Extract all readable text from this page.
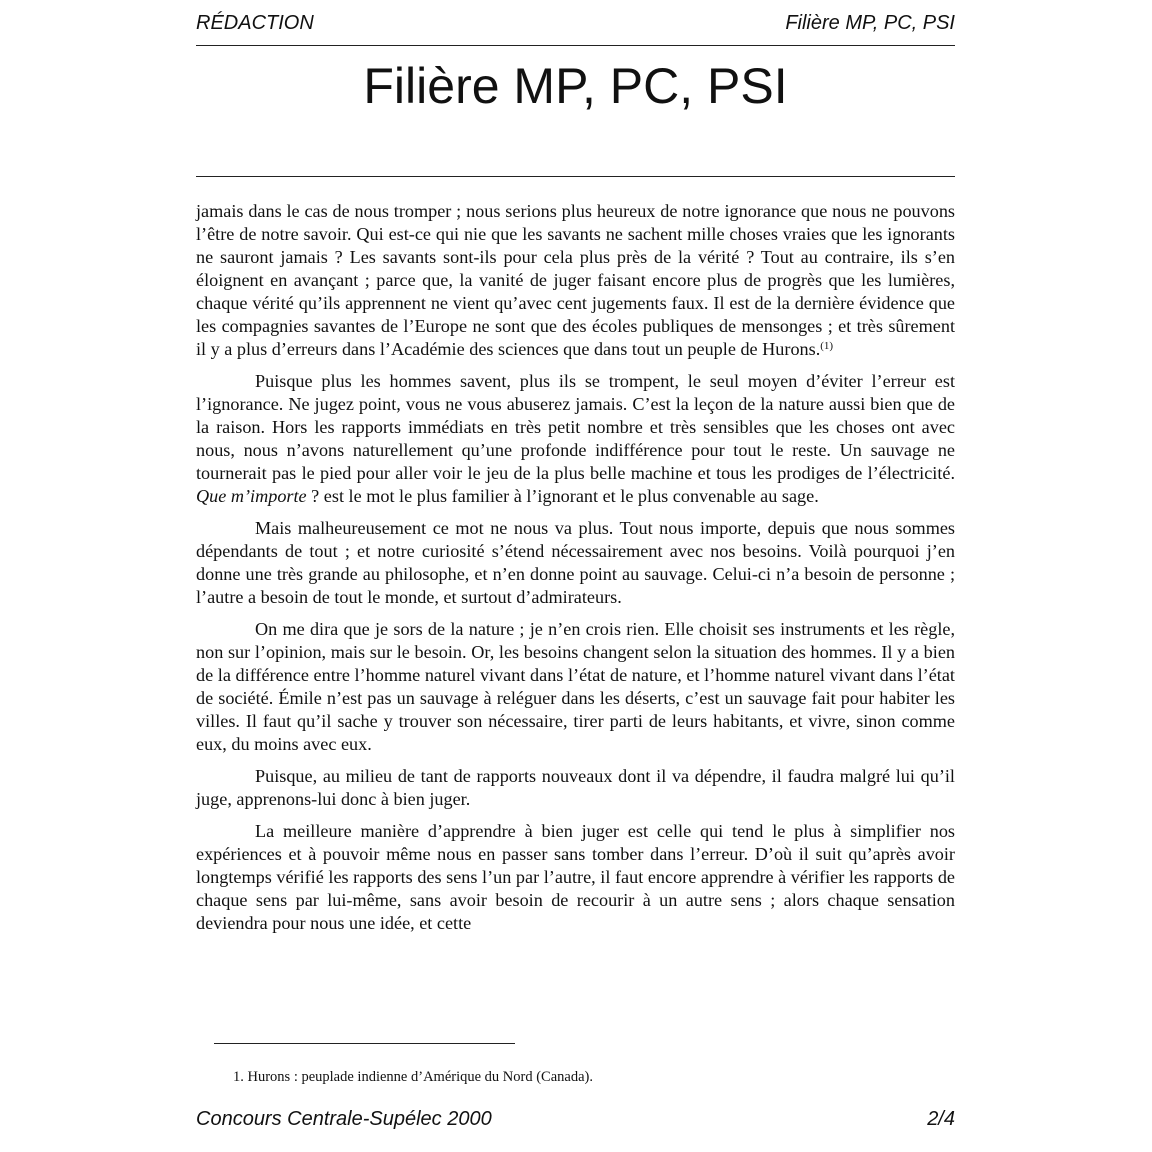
RÉDACTION	Filière MP, PC, PSI
Filière MP, PC, PSI

jamais dans le cas de nous tromper ; nous serions plus heureux de notre ignorance que nous ne pouvons l’être de notre savoir. Qui est-ce qui nie que les savants ne sachent mille choses vraies que les ignorants ne sauront jamais ? Les savants sont-ils pour cela plus près de la vérité ? Tout au contraire, ils s’en éloignent en avançant ; parce que, la vanité de juger faisant encore plus de progrès que les lumières, chaque vérité qu’ils apprennent ne vient qu’avec cent jugements faux. Il est de la dernière évidence que les compagnies savantes de l’Europe ne sont que des écoles publiques de mensonges ; et très sûrement il y a plus d’erreurs dans l’Académie des sciences que dans tout un peuple de Hurons.$^{(1)}$

Puisque plus les hommes savent, plus ils se trompent, le seul moyen d’éviter l’erreur est l’ignorance. Ne jugez point, vous ne vous abuserez jamais. C’est la leçon de la nature aussi bien que de la raison. Hors les rapports immédiats en très petit nombre et très sensibles que les choses ont avec nous, nous n’avons naturellement qu’une profonde indifférence pour tout le reste. Un sauvage ne tournerait pas le pied pour aller voir le jeu de la plus belle machine et tous les prodiges de l’électricité. Que m’importe ? est le mot le plus familier à l’ignorant et le plus convenable au sage.

Mais malheureusement ce mot ne nous va plus. Tout nous importe, depuis que nous sommes dépendants de tout ; et notre curiosité s’étend nécessairement avec nos besoins. Voilà pourquoi j’en donne une très grande au philosophe, et n’en donne point au sauvage. Celui-ci n’a besoin de personne ; l’autre a besoin de tout le monde, et surtout d’admirateurs.

On me dira que je sors de la nature ; je n’en crois rien. Elle choisit ses instruments et les règle, non sur l’opinion, mais sur le besoin. Or, les besoins changent selon la situation des hommes. Il y a bien de la différence entre l’homme naturel vivant dans l’état de nature, et l’homme naturel vivant dans l’état de société. Émile n’est pas un sauvage à reléguer dans les déserts, c’est un sauvage fait pour habiter les villes. Il faut qu’il sache y trouver son nécessaire, tirer parti de leurs habitants, et vivre, sinon comme eux, du moins avec eux.

Puisque, au milieu de tant de rapports nouveaux dont il va dépendre, il faudra malgré lui qu’il juge, apprenons-lui donc à bien juger.

La meilleure manière d’apprendre à bien juger est celle qui tend le plus à simplifier nos expériences et à pouvoir même nous en passer sans tomber dans l’erreur. D’où il suit qu’après avoir longtemps vérifié les rapports des sens l’un par l’autre, il faut encore apprendre à vérifier les rapports de chaque sens par lui-même, sans avoir besoin de recourir à un autre sens ; alors chaque sensation deviendra pour nous une idée, et cette

1. Hurons : peuplade indienne d’Amérique du Nord (Canada).
Concours Centrale-Supélec 2000	2/4
